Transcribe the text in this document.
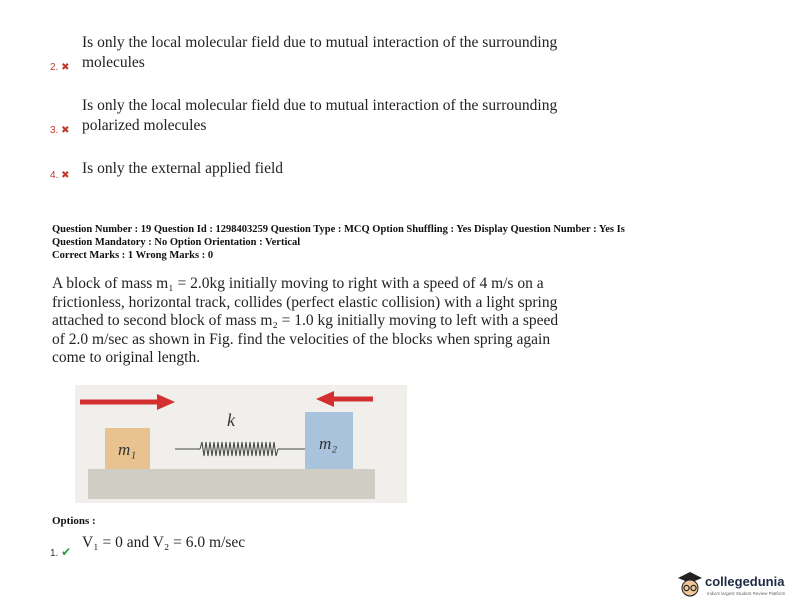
Is only the local molecular field due to mutual interaction of the surrounding
molecules
2. ✖
Is only the local molecular field due to mutual interaction of the surrounding
polarized molecules
3. ✖
Is only the external applied field
4. ✖
Question Number : 19 Question Id : 1298403259 Question Type : MCQ Option Shuffling : Yes Display Question Number : Yes Is
Question Mandatory : No Option Orientation : Vertical
Correct Marks : 1 Wrong Marks : 0
A block of mass m₁ = 2.0kg initially moving to right with a speed of 4 m/s on a
frictionless, horizontal track, collides (perfect elastic collision) with a light spring
attached to second block of mass m₂ = 1.0 kg initially moving to left with a speed
of 2.0 m/sec as shown in Fig. find the velocities of the blocks when spring again
come to original length.
m₁	m₂
k
Options :
V₁ = 0 and V₂ = 6.0 m/sec
1. ✔
collegedunia
India's largest Student Review Platform
